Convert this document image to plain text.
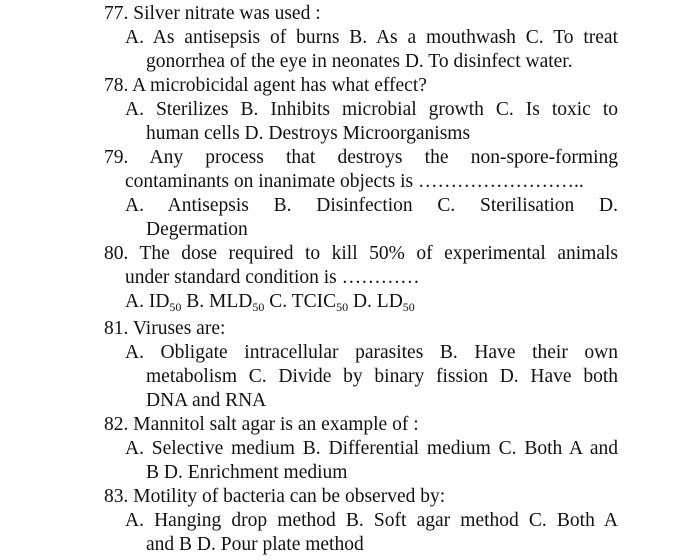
77. Silver nitrate was used :
A. As antisepsis of burns B. As a mouthwash C. To treat
gonorrhea of the eye in neonates D. To disinfect water.
78. A microbicidal agent has what effect?
A. Sterilizes B. Inhibits microbial growth C. Is toxic to
human cells D. Destroys Microorganisms
79. Any process that destroys the non-spore-forming
contaminants on inanimate objects is ……………………..
A. Antisepsis B. Disinfection C. Sterilisation D.
Degermation
80. The dose required to kill 50% of experimental animals
under standard condition is …………
A. $ID_{50}$ B. $MLD_{50}$ C. $TCIC_{50}$ D. $LD_{50}$
81. Viruses are:
A. Obligate intracellular parasites B. Have their own
metabolism C. Divide by binary fission D. Have both
DNA and RNA
82. Mannitol salt agar is an example of :
A. Selective medium B. Differential medium C. Both A and
B D. Enrichment medium
83. Motility of bacteria can be observed by:
A. Hanging drop method B. Soft agar method C. Both A
and B D. Pour plate method
